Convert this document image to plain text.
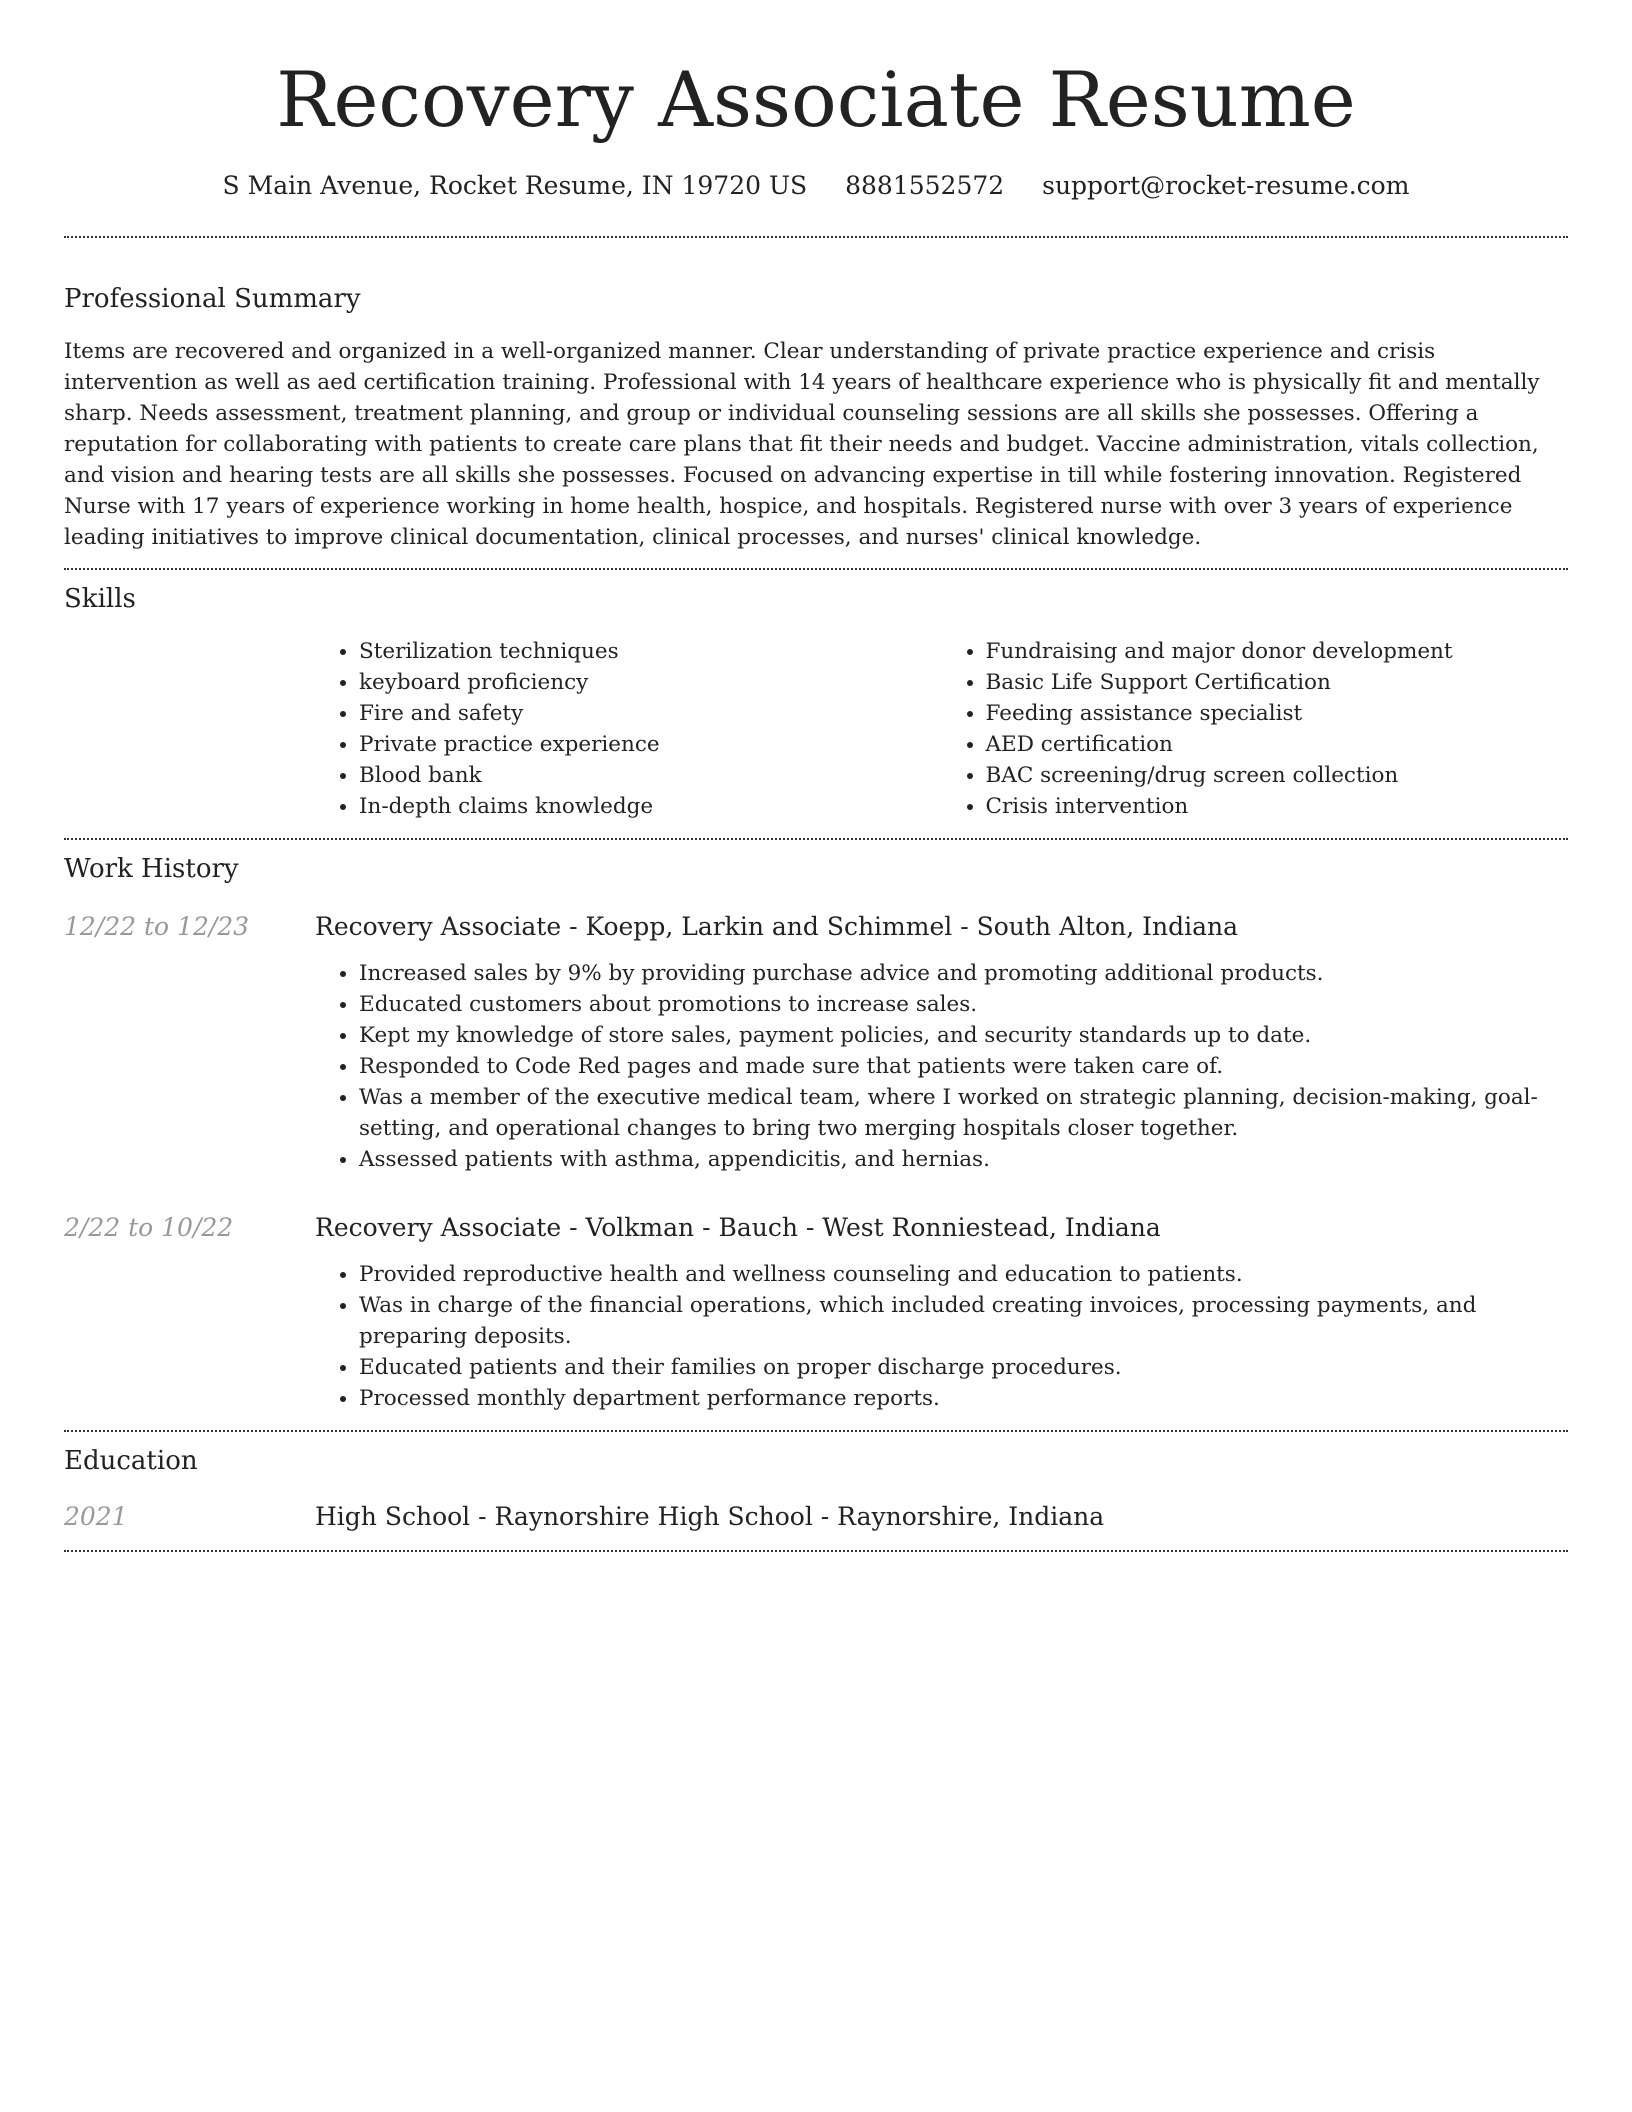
Recovery Associate Resume
S Main Avenue, Rocket Resume, IN 19720 US 8881552572 support@rocket-resume.com
Professional Summary

Items are recovered and organized in a well-organized manner. Clear understanding of private practice experience and crisis intervention as well as aed certification training. Professional with 14 years of healthcare experience who is physically fit and mentally sharp. Needs assessment, treatment planning, and group or individual counseling sessions are all skills she possesses. Offering a reputation for collaborating with patients to create care plans that fit their needs and budget. Vaccine administration, vitals collection, and vision and hearing tests are all skills she possesses. Focused on advancing expertise in till while fostering innovation. Registered Nurse with 17 years of experience working in home health, hospice, and hospitals. Registered nurse with over 3 years of experience leading initiatives to improve clinical documentation, clinical processes, and nurses' clinical knowledge.

Skills
• Sterilization techniques
• keyboard proficiency
• Fire and safety
• Private practice experience
• Blood bank
• In-depth claims knowledge
• Fundraising and major donor development
• Basic Life Support Certification
• Feeding assistance specialist
• AED certification
• BAC screening/drug screen collection
• Crisis intervention
Work History
12/22 to 12/23	Recovery Associate - Koepp, Larkin and Schimmel - South Alton, Indiana
• Increased sales by 9% by providing purchase advice and promoting additional products.
• Educated customers about promotions to increase sales.
• Kept my knowledge of store sales, payment policies, and security standards up to date.
• Responded to Code Red pages and made sure that patients were taken care of.
• Was a member of the executive medical team, where I worked on strategic planning, decision-making, goal-setting, and operational changes to bring two merging hospitals closer together.
• Assessed patients with asthma, appendicitis, and hernias.
2/22 to 10/22	Recovery Associate - Volkman - Bauch - West Ronniestead, Indiana
• Provided reproductive health and wellness counseling and education to patients.
• Was in charge of the financial operations, which included creating invoices, processing payments, and preparing deposits.
• Educated patients and their families on proper discharge procedures.
• Processed monthly department performance reports.
Education
2021	High School - Raynorshire High School - Raynorshire, Indiana
